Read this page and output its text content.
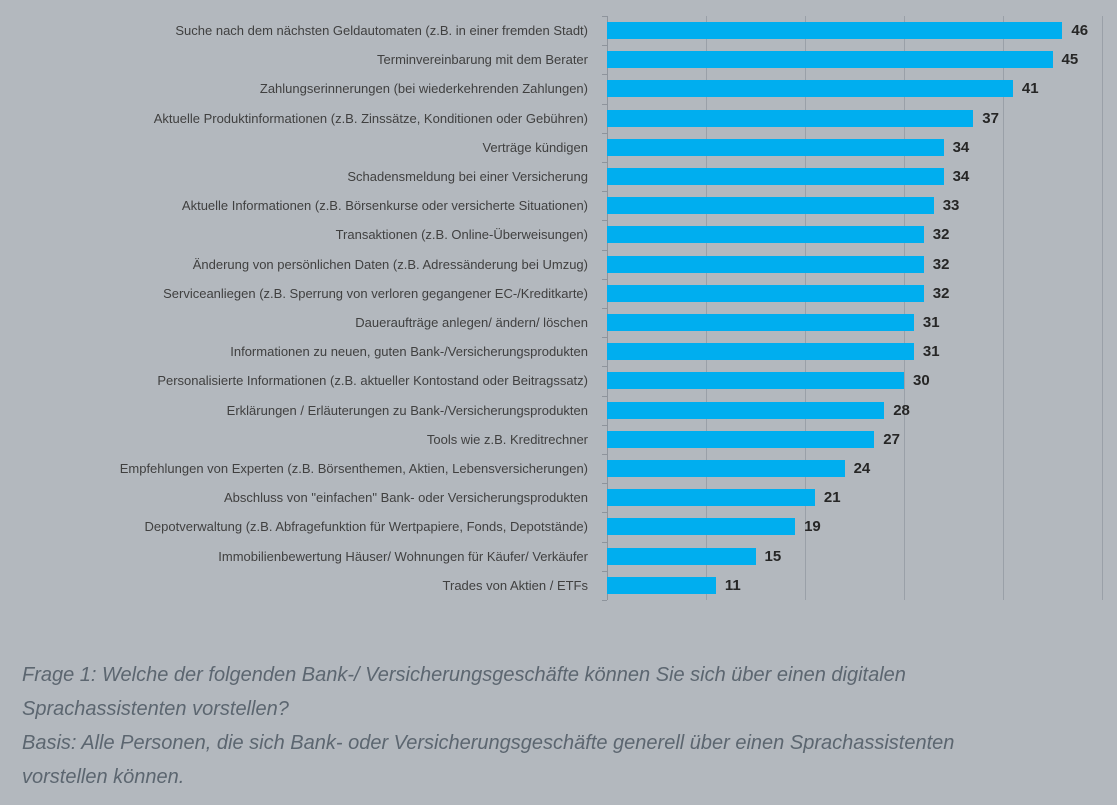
Suche nach dem nächsten Geldautomaten (z.B. in einer fremden Stadt)	46
Terminvereinbarung mit dem Berater	45
Zahlungserinnerungen (bei wiederkehrenden Zahlungen)	41
Aktuelle Produktinformationen (z.B. Zinssätze, Konditionen oder Gebühren)	37
Verträge kündigen	34
Schadensmeldung bei einer Versicherung	34
Aktuelle Informationen (z.B. Börsenkurse oder versicherte Situationen)	33
Transaktionen (z.B. Online-Überweisungen)	32
Änderung von persönlichen Daten (z.B. Adressänderung bei Umzug)	32
Serviceanliegen (z.B. Sperrung von verloren gegangener EC-/Kreditkarte)	32
Daueraufträge anlegen/ ändern/ löschen	31
Informationen zu neuen, guten Bank-/Versicherungsprodukten	31
Personalisierte Informationen (z.B. aktueller Kontostand oder Beitragssatz)	30
Erklärungen / Erläuterungen zu Bank-/Versicherungsprodukten	28
Tools wie z.B. Kreditrechner	27
Empfehlungen von Experten (z.B. Börsenthemen, Aktien, Lebensversicherungen)	24
Abschluss von "einfachen" Bank- oder Versicherungsprodukten	21
Depotverwaltung (z.B. Abfragefunktion für Wertpapiere, Fonds, Depotstände)	19
Immobilienbewertung Häuser/ Wohnungen für Käufer/ Verkäufer	15
Trades von Aktien / ETFs	11

Frage 1: Welche der folgenden Bank-/ Versicherungsgeschäfte können Sie sich über einen digitalen Sprachassistenten vorstellen?

Basis: Alle Personen, die sich Bank- oder Versicherungsgeschäfte generell über einen Sprachassistenten vorstellen können.
